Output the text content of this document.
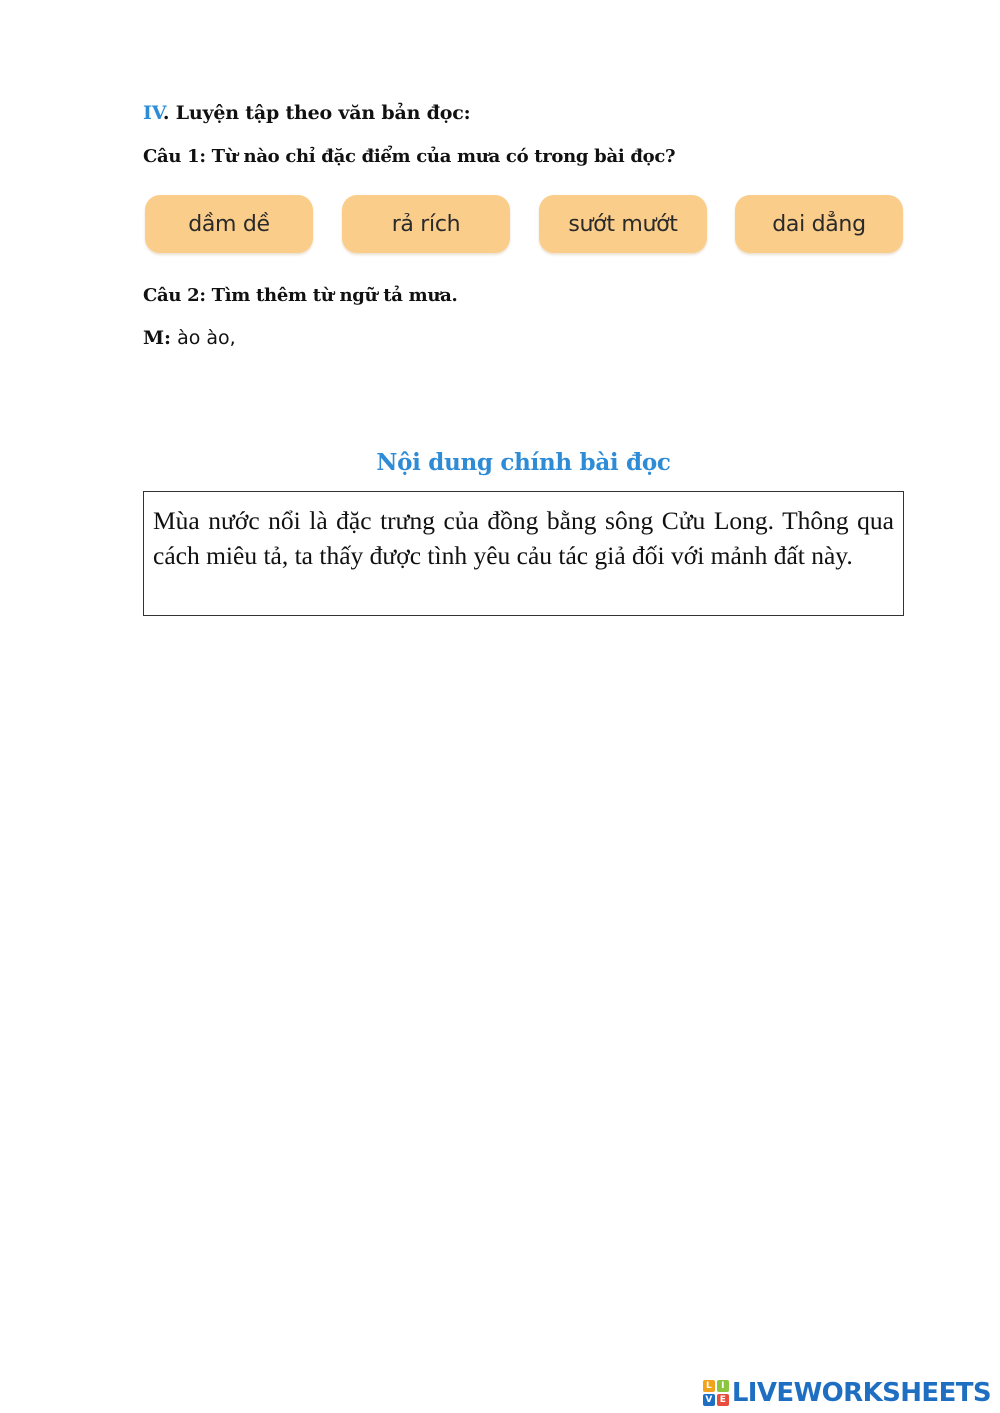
IV. Luyện tập theo văn bản đọc:
Câu 1: Từ nào chỉ đặc điểm của mưa có trong bài đọc?
dầm dề	rả rích	sướt mướt	dai dẳng
Câu 2: Tìm thêm từ ngữ tả mưa.
M: ào ào,
Nội dung chính bài đọc
Mùa nước nổi là đặc trưng của đồng bằng sông Cửu Long. Thông qua cách miêu tả, ta thấy được tình yêu cảu tác giả đối với mảnh đất này.
L	I
V E LIVEWORKSHEETS
